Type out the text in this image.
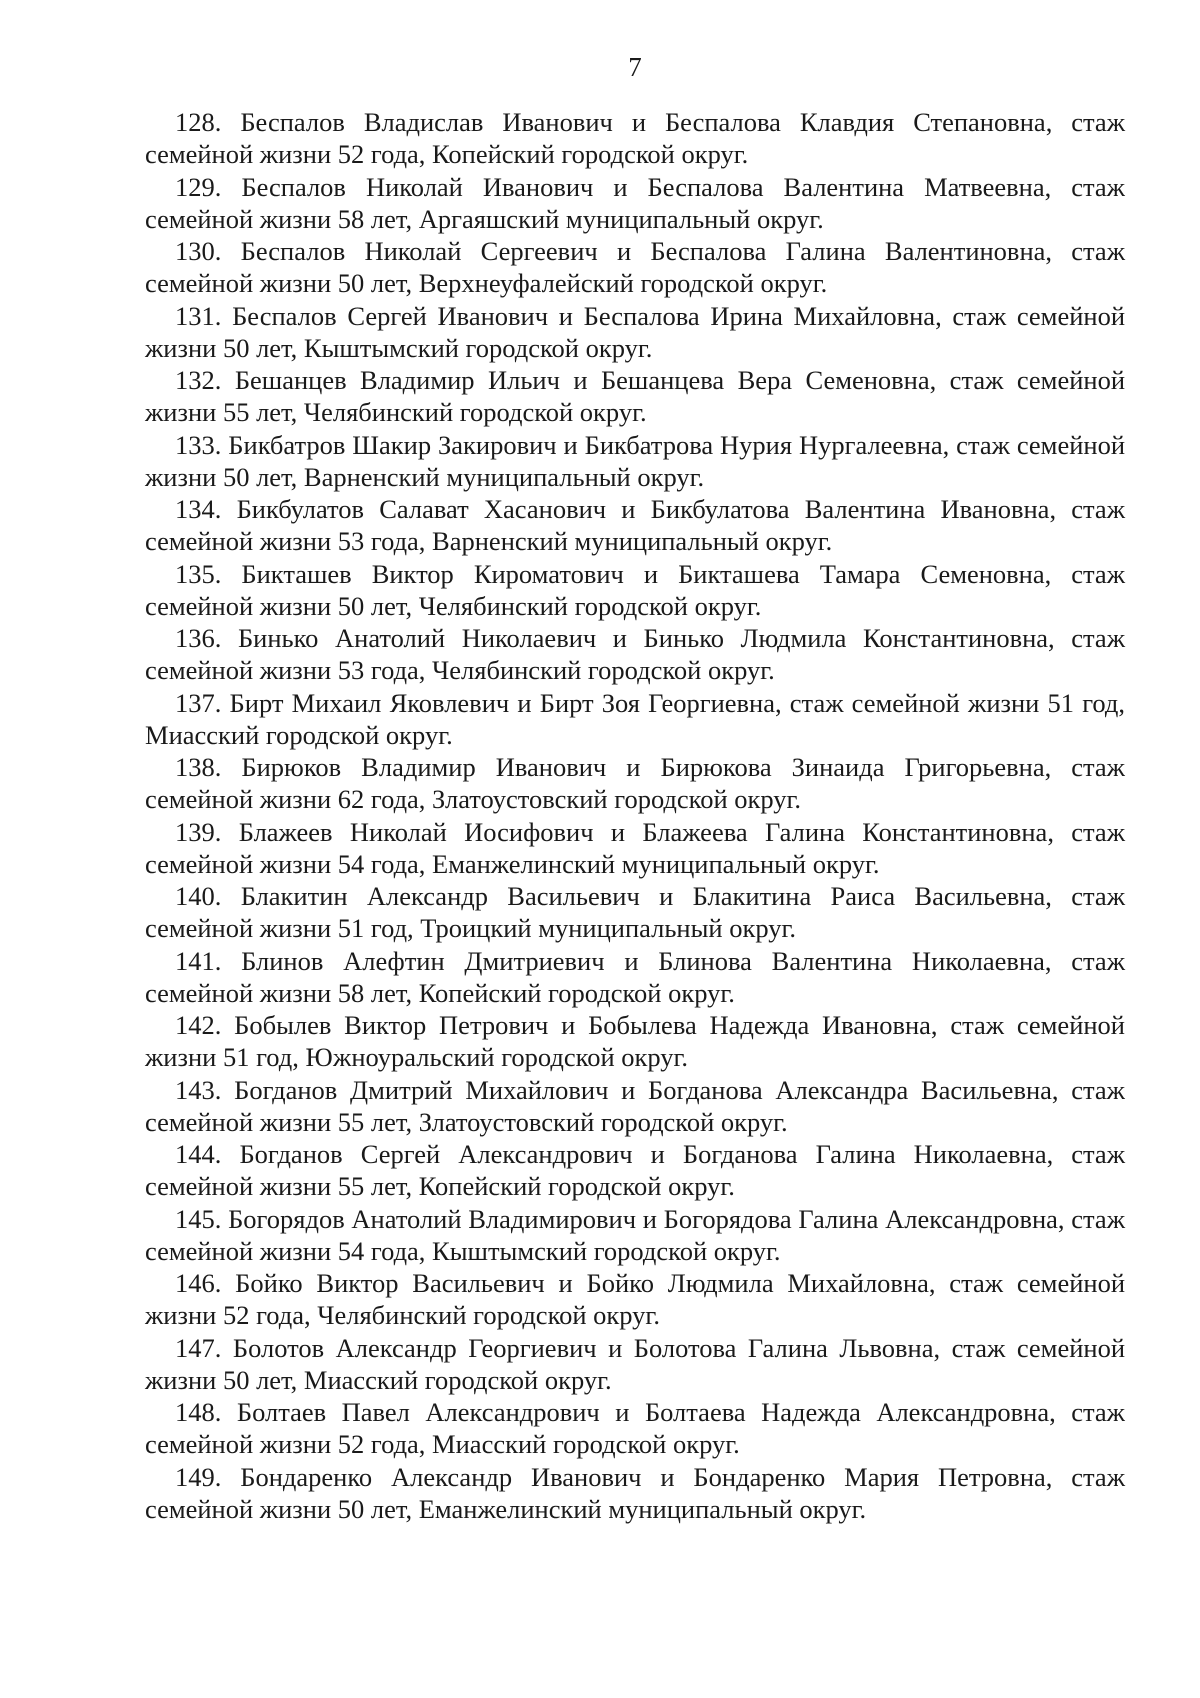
7
128. Беспалов Владислав Иванович и Беспалова Клавдия Степановна, стаж семейной жизни 52 года, Копейский городской округ.
129. Беспалов Николай Иванович и Беспалова Валентина Матвеевна, стаж семейной жизни 58 лет, Аргаяшский муниципальный округ.
130. Беспалов Николай Сергеевич и Беспалова Галина Валентиновна, стаж семейной жизни 50 лет, Верхнеуфалейский городской округ.
131. Беспалов Сергей Иванович и Беспалова Ирина Михайловна, стаж семейной жизни 50 лет, Кыштымский городской округ.
132. Бешанцев Владимир Ильич и Бешанцева Вера Семеновна, стаж семейной жизни 55 лет, Челябинский городской округ.
133. Бикбатров Шакир Закирович и Бикбатрова Нурия Нургалеевна, стаж семейной жизни 50 лет, Варненский муниципальный округ.
134. Бикбулатов Салават Хасанович и Бикбулатова Валентина Ивановна, стаж семейной жизни 53 года, Варненский муниципальный округ.
135. Бикташев Виктор Кироматович и Бикташева Тамара Семеновна, стаж семейной жизни 50 лет, Челябинский городской округ.
136. Бинько Анатолий Николаевич и Бинько Людмила Константиновна, стаж семейной жизни 53 года, Челябинский городской округ.
137. Бирт Михаил Яковлевич и Бирт Зоя Георгиевна, стаж семейной жизни 51 год, Миасский городской округ.
138. Бирюков Владимир Иванович и Бирюкова Зинаида Григорьевна, стаж семейной жизни 62 года, Златоустовский городской округ.
139. Блажеев Николай Иосифович и Блажеева Галина Константиновна, стаж семейной жизни 54 года, Еманжелинский муниципальный округ.
140. Блакитин Александр Васильевич и Блакитина Раиса Васильевна, стаж семейной жизни 51 год, Троицкий муниципальный округ.
141. Блинов Алефтин Дмитриевич и Блинова Валентина Николаевна, стаж семейной жизни 58 лет, Копейский городской округ.
142. Бобылев Виктор Петрович и Бобылева Надежда Ивановна, стаж семейной жизни 51 год, Южноуральский городской округ.
143. Богданов Дмитрий Михайлович и Богданова Александра Васильевна, стаж семейной жизни 55 лет, Златоустовский городской округ.
144. Богданов Сергей Александрович и Богданова Галина Николаевна, стаж семейной жизни 55 лет, Копейский городской округ.
145. Богорядов Анатолий Владимирович и Богорядова Галина Александровна, стаж семейной жизни 54 года, Кыштымский городской округ.
146. Бойко Виктор Васильевич и Бойко Людмила Михайловна, стаж семейной жизни 52 года, Челябинский городской округ.
147. Болотов Александр Георгиевич и Болотова Галина Львовна, стаж семейной жизни 50 лет, Миасский городской округ.
148. Болтаев Павел Александрович и Болтаева Надежда Александровна, стаж семейной жизни 52 года, Миасский городской округ.
149. Бондаренко Александр Иванович и Бондаренко Мария Петровна, стаж семейной жизни 50 лет, Еманжелинский муниципальный округ.
